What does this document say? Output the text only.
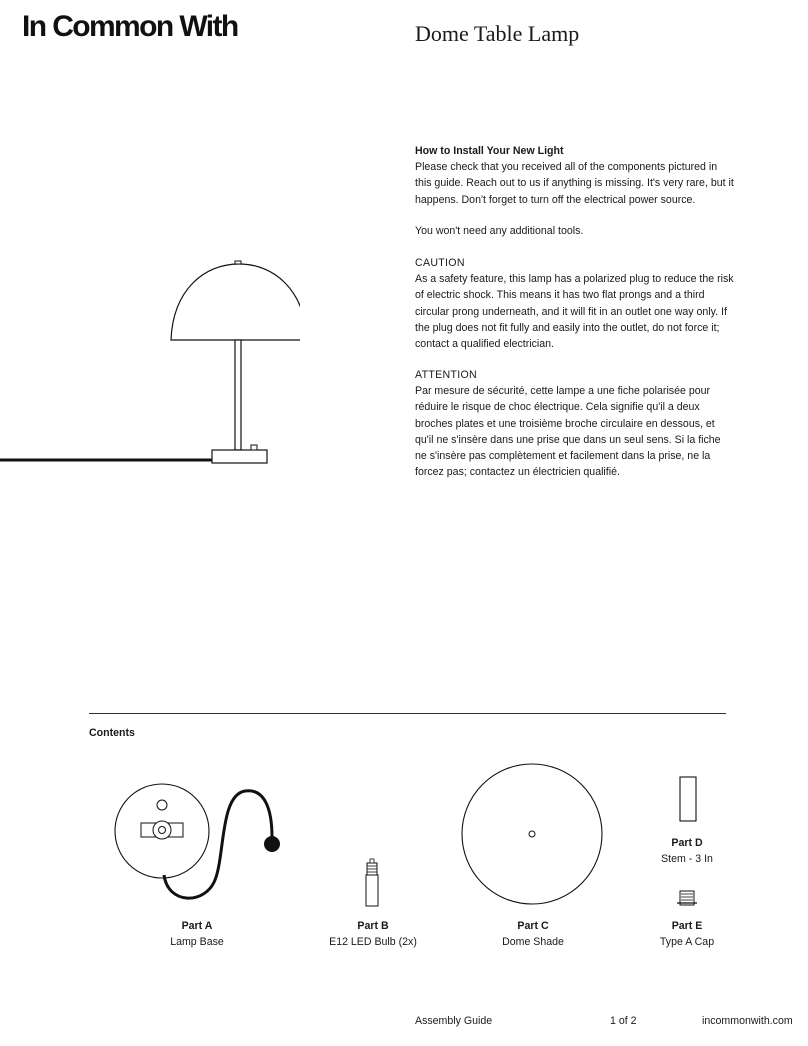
In Common With	Dome Table Lamp
How to Install Your New Light

Please check that you received all of the components pictured in this guide. Reach out to us if anything is missing. It's very rare, but it happens. Don't forget to turn off the electrical power source.

You won't need any additional tools.

CAUTION

As a safety feature, this lamp has a polarized plug to reduce the risk of electric shock. This means it has two flat prongs and a third circular prong underneath, and it will fit in an outlet one way only. If the plug does not fit fully and easily into the outlet, do not force it; contact a qualified electrician.

ATTENTION

Par mesure de sécurité, cette lampe a une fiche polarisée pour réduire le risque de choc électrique. Cela signifie qu'il a deux broches plates et une troisième broche circulaire en dessous, et qu'il ne s'insère dans une prise que dans un seul sens. Si la fiche ne s'insère pas complètement et facilement dans la prise, ne la forcez pas; contactez un électricien qualifié.

Contents
Part A
Lamp Base
Part B
E12 LED Bulb (2x)
Part C
Dome Shade
Part D
Stem - 3 In
Part E
Type A Cap
Assembly Guide	1 of 2	incommonwith.com
